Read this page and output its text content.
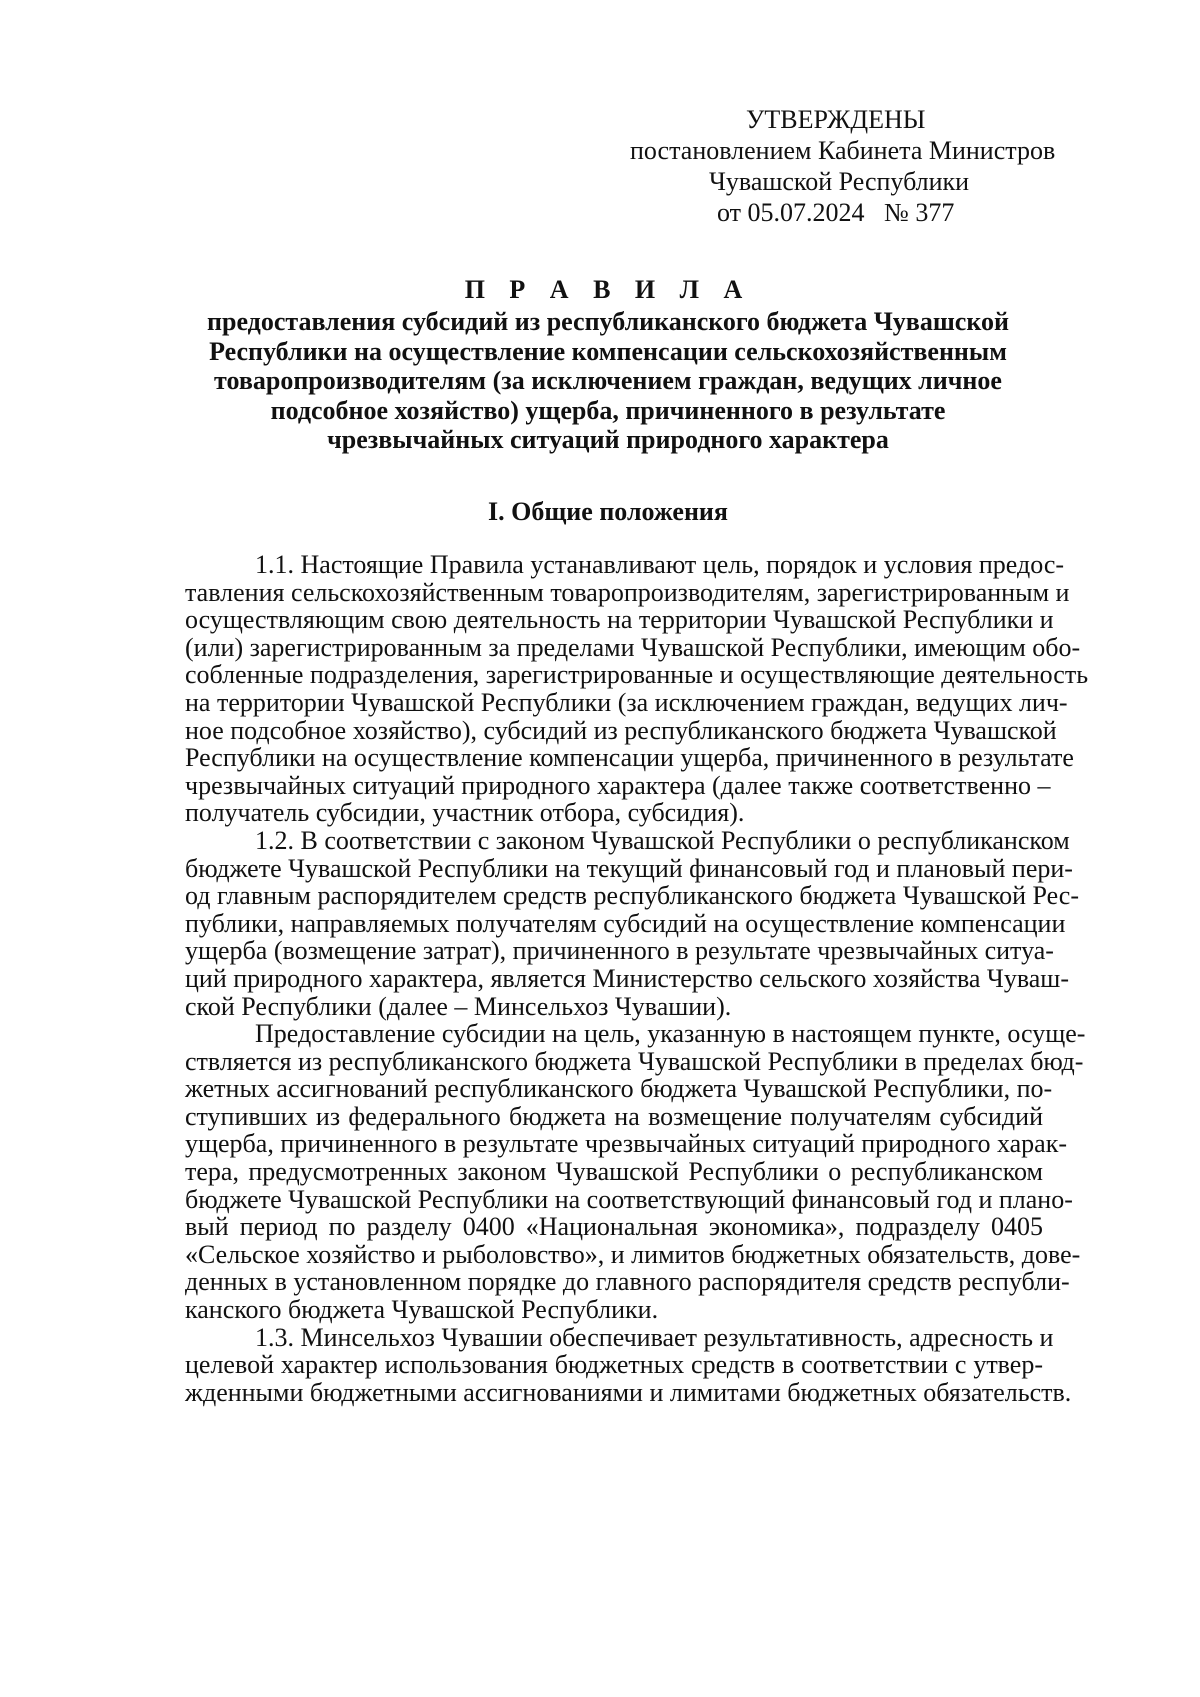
УТВЕРЖДЕНЫ
постановлением Кабинета Министров
Чувашской Республики
от 05.07.2024   № 377
П Р А В И Л А
предоставления субсидий из республиканского бюджета Чувашской
Республики на осуществление компенсации сельскохозяйственным
товаропроизводителям (за исключением граждан, ведущих личное
подсобное хозяйство) ущерба, причиненного в результате
чрезвычайных ситуаций природного характера
I. Общие положения
1.1. Настоящие Правила устанавливают цель, порядок и условия предос-
тавления сельскохозяйственным товаропроизводителям, зарегистрированным и
осуществляющим свою деятельность на территории Чувашской Республики и
(или) зарегистрированным за пределами Чувашской Республики, имеющим обо-
собленные подразделения, зарегистрированные и осуществляющие деятельность
на территории Чувашской Республики (за исключением граждан, ведущих лич-
ное подсобное хозяйство), субсидий из республиканского бюджета Чувашской
Республики на осуществление компенсации ущерба, причиненного в результате
чрезвычайных ситуаций природного характера (далее также соответственно –
получатель субсидии, участник отбора, субсидия).
1.2. В соответствии с законом Чувашской Республики о республиканском
бюджете Чувашской Республики на текущий финансовый год и плановый пери-
од главным распорядителем средств республиканского бюджета Чувашской Рес-
публики, направляемых получателям субсидий на осуществление компенсации
ущерба (возмещение затрат), причиненного в результате чрезвычайных ситуа-
ций природного характера, является Министерство сельского хозяйства Чуваш-
ской Республики (далее – Минсельхоз Чувашии).
Предоставление субсидии на цель, указанную в настоящем пункте, осуще-
ствляется из республиканского бюджета Чувашской Республики в пределах бюд-
жетных ассигнований республиканского бюджета Чувашской Республики, по-
ступивших из федерального бюджета на возмещение получателям субсидий
ущерба, причиненного в результате чрезвычайных ситуаций природного харак-
тера, предусмотренных законом Чувашской Республики о республиканском
бюджете Чувашской Республики на соответствующий финансовый год и плано-
вый период по разделу 0400 «Национальная экономика», подразделу 0405
«Сельское хозяйство и рыболовство», и лимитов бюджетных обязательств, дове-
денных в установленном порядке до главного распорядителя средств республи-
канского бюджета Чувашской Республики.
1.3. Минсельхоз Чувашии обеспечивает результативность, адресность и
целевой характер использования бюджетных средств в соответствии с утвер-
жденными бюджетными ассигнованиями и лимитами бюджетных обязательств.
